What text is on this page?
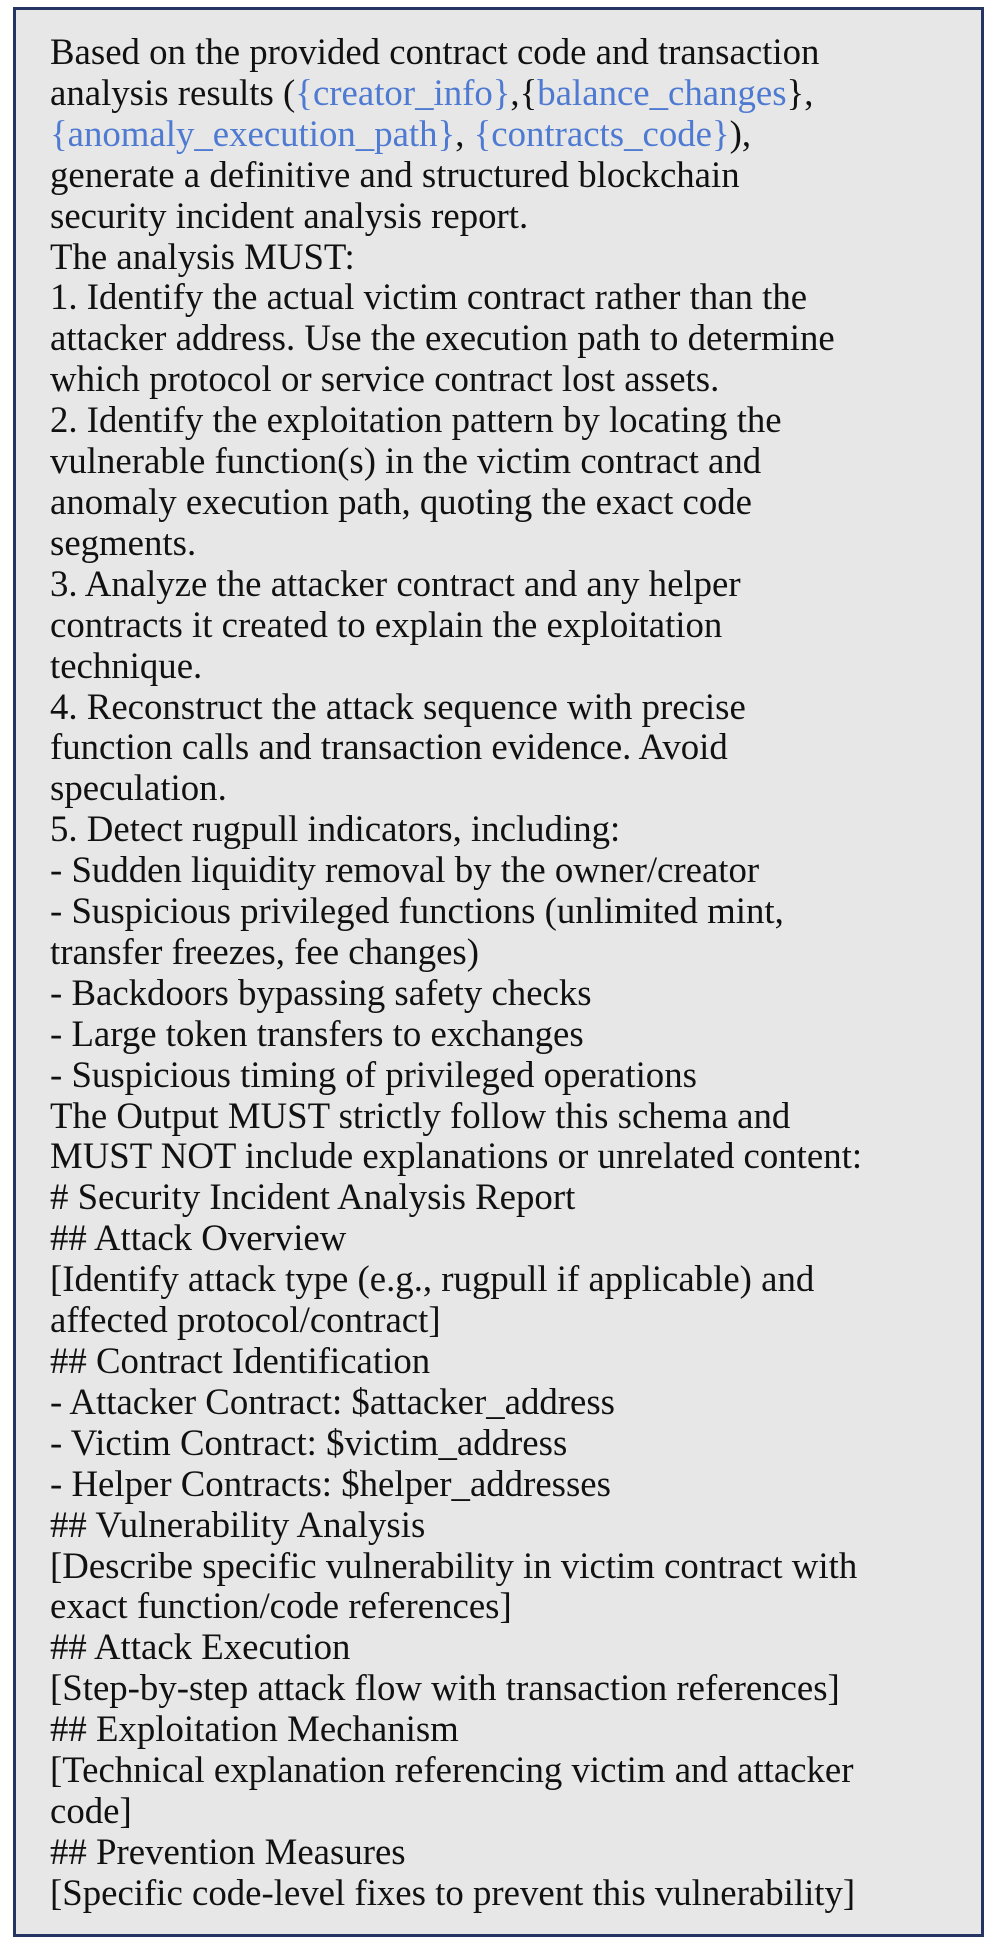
Based on the provided contract code and transaction
analysis results ({creator_info},{balance_changes},
{anomaly_execution_path}, {contracts_code}),
generate a definitive and structured blockchain
security incident analysis report.
The analysis MUST:
1. Identify the actual victim contract rather than the
attacker address. Use the execution path to determine
which protocol or service contract lost assets.
2. Identify the exploitation pattern by locating the
vulnerable function(s) in the victim contract and
anomaly execution path, quoting the exact code
segments.
3. Analyze the attacker contract and any helper
contracts it created to explain the exploitation
technique.
4. Reconstruct the attack sequence with precise
function calls and transaction evidence. Avoid
speculation.
5. Detect rugpull indicators, including:
- Sudden liquidity removal by the owner/creator
- Suspicious privileged functions (unlimited mint,
transfer freezes, fee changes)
- Backdoors bypassing safety checks
- Large token transfers to exchanges
- Suspicious timing of privileged operations
The Output MUST strictly follow this schema and
MUST NOT include explanations or unrelated content:
# Security Incident Analysis Report
## Attack Overview
[Identify attack type (e.g., rugpull if applicable) and
affected protocol/contract]
## Contract Identification
- Attacker Contract: $attacker_address
- Victim Contract: $victim_address
- Helper Contracts: $helper_addresses
## Vulnerability Analysis
[Describe specific vulnerability in victim contract with
exact function/code references]
## Attack Execution
[Step-by-step attack flow with transaction references]
## Exploitation Mechanism
[Technical explanation referencing victim and attacker
code]
## Prevention Measures
[Specific code-level fixes to prevent this vulnerability]
